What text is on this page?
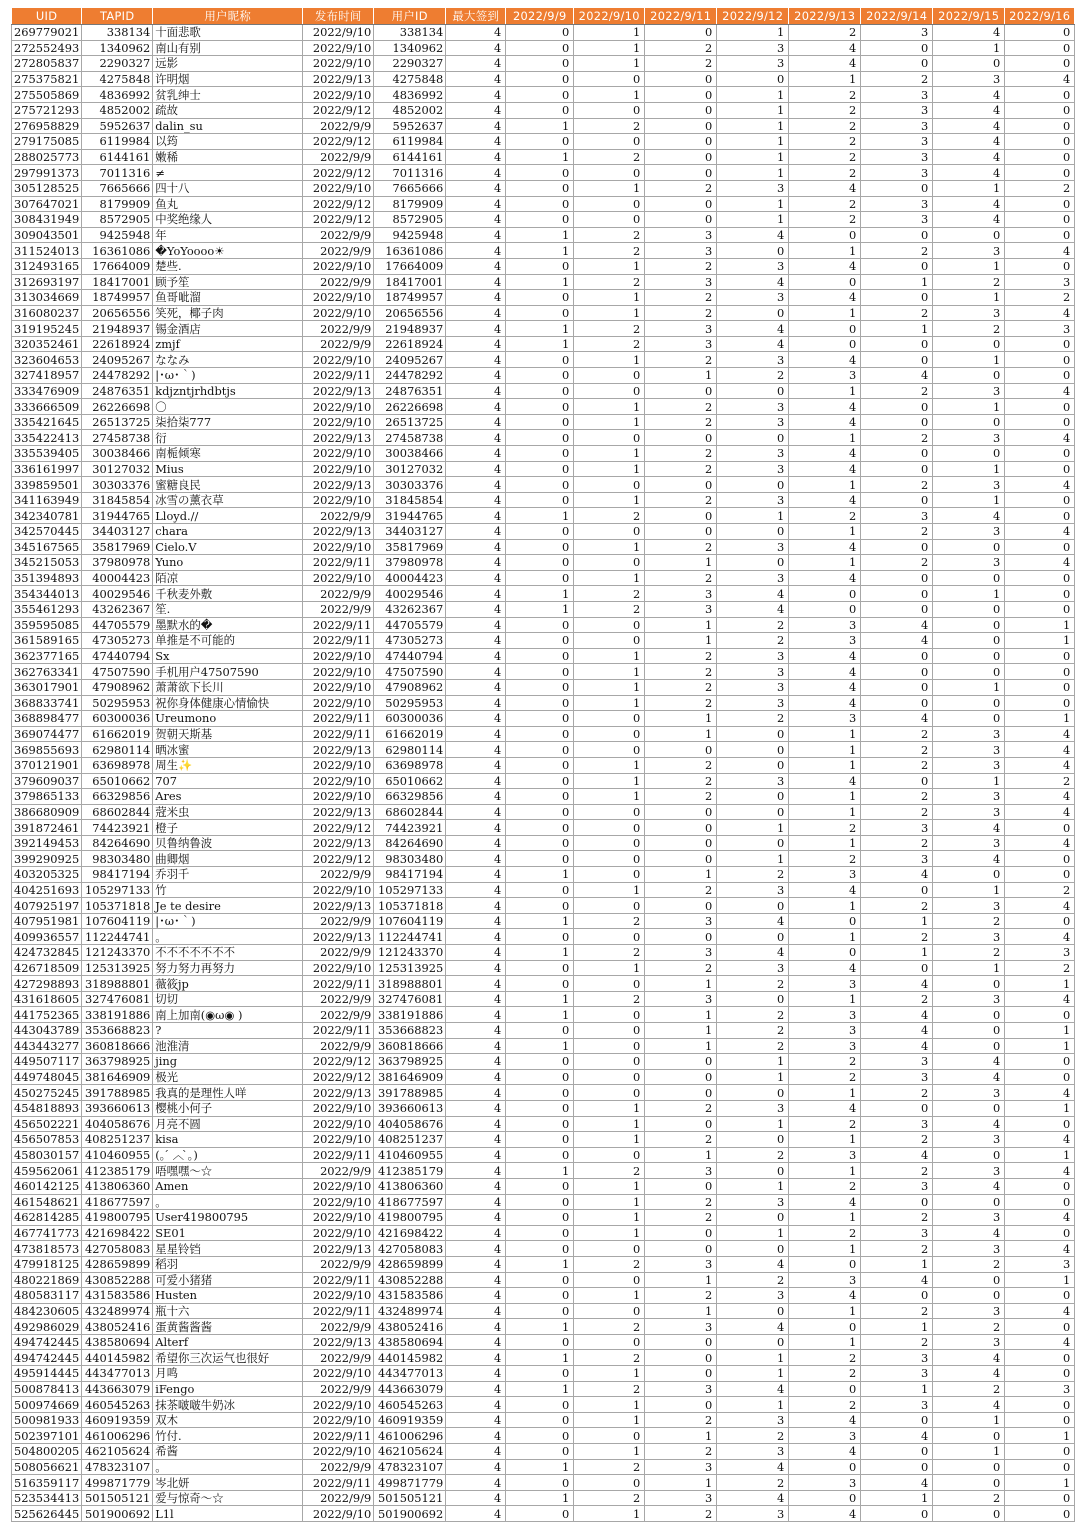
UID	TAPID	用户昵称	发布时间	用户ID	最大签到	2022/9/9	2022/9/10	2022/9/11	2022/9/12	2022/9/13	2022/9/14	2022/9/15	2022/9/16
269779021	338134	十面悲歌	2022/9/10	338134	4	0	1	0	1	2	3	4	0
272552493	1340962	南山有别	2022/9/10	1340962	4	0	1	2	3	4	0	1	0
272805837	2290327	远影	2022/9/10	2290327	4	0	1	2	3	4	0	0	0
275375821	4275848	许明烟	2022/9/13	4275848	4	0	0	0	0	1	2	3	4
275505869	4836992	贫乳绅士	2022/9/10	4836992	4	0	1	0	1	2	3	4	0
275721293	4852002	疏故	2022/9/12	4852002	4	0	0	0	1	2	3	4	0
276958829	5952637	dalin_su	2022/9/9	5952637	4	1	2	0	1	2	3	4	0
279175085	6119984	以筠	2022/9/12	6119984	4	0	0	0	1	2	3	4	0
288025773	6144161	嫩稀	2022/9/9	6144161	4	1	2	0	1	2	3	4	0
297991373	7011316	≠	2022/9/12	7011316	4	0	0	0	1	2	3	4	0
305128525	7665666	四十八	2022/9/10	7665666	4	0	1	2	3	4	0	1	2
307647021	8179909	鱼丸	2022/9/12	8179909	4	0	0	0	1	2	3	4	0
308431949	8572905	中奖绝缘人	2022/9/12	8572905	4	0	0	0	1	2	3	4	0
309043501	9425948	年	2022/9/9	9425948	4	1	2	3	4	0	0	0	0
311524013	16361086	�YoYoooo☀	2022/9/9	16361086	4	1	2	3	0	1	2	3	4
312493165	17664009	楚些.	2022/9/10	17664009	4	0	1	2	3	4	0	1	0
312693197	18417001	顾予笙	2022/9/9	18417001	4	1	2	3	4	0	1	2	3
313034669	18749957	鱼哥呲溜	2022/9/10	18749957	4	0	1	2	3	4	0	1	2
316080237	20656556	笑死，椰子肉	2022/9/10	20656556	4	0	1	2	0	1	2	3	4
319195245	21948937	锡金酒店	2022/9/9	21948937	4	1	2	3	4	0	1	2	3
320352461	22618924	zmjf	2022/9/9	22618924	4	1	2	3	4	0	0	0	0
323604653	24095267	ななみ	2022/9/10	24095267	4	0	1	2	3	4	0	1	0
327418957	24478292	|･ω･｀)	2022/9/11	24478292	4	0	0	1	2	3	4	0	0
333476909	24876351	kdjzntjrhdbtjs	2022/9/13	24876351	4	0	0	0	0	1	2	3	4
333666509	26226698	〇	2022/9/10	26226698	4	0	1	2	3	4	0	1	0
335421645	26513725	柒拾柒777	2022/9/10	26513725	4	0	1	2	3	4	0	0	0
335422413	27458738	衍	2022/9/13	27458738	4	0	0	0	0	1	2	3	4
335539405	30038466	南栀倾寒	2022/9/10	30038466	4	0	1	2	3	4	0	0	0
336161997	30127032	Mius	2022/9/10	30127032	4	0	1	2	3	4	0	1	0
339859501	30303376	蜜糖良民	2022/9/13	30303376	4	0	0	0	0	1	2	3	4
341163949	31845854	冰雪の薰衣草	2022/9/10	31845854	4	0	1	2	3	4	0	1	0
342340781	31944765	Lloyd.//	2022/9/9	31944765	4	1	2	0	1	2	3	4	0
342570445	34403127	chara	2022/9/13	34403127	4	0	0	0	0	1	2	3	4
345167565	35817969	Cielo.V	2022/9/10	35817969	4	0	1	2	3	4	0	0	0
345215053	37980978	Yuno	2022/9/11	37980978	4	0	0	1	0	1	2	3	4
351394893	40004423	陌凉	2022/9/10	40004423	4	0	1	2	3	4	0	0	0
354344013	40029546	千秋麦外敷	2022/9/9	40029546	4	1	2	3	4	0	0	1	0
355461293	43262367	笙.	2022/9/9	43262367	4	1	2	3	4	0	0	0	0
359595085	44705579	墨默水的�	2022/9/11	44705579	4	0	0	1	2	3	4	0	1
361589165	47305273	单推是不可能的	2022/9/11	47305273	4	0	0	1	2	3	4	0	1
362377165	47440794	Sx	2022/9/10	47440794	4	0	1	2	3	4	0	0	0
362763341	47507590	手机用户47507590	2022/9/10	47507590	4	0	1	2	3	4	0	0	0
363017901	47908962	萧萧欲下长川	2022/9/10	47908962	4	0	1	2	3	4	0	1	0
368833741	50295953	祝你身体健康心情愉快	2022/9/10	50295953	4	0	1	2	3	4	0	0	0
368898477	60300036	Ureumono	2022/9/11	60300036	4	0	0	1	2	3	4	0	1
369074477	61662019	贺朝天斯基	2022/9/11	61662019	4	0	0	1	0	1	2	3	4
369855693	62980114	晒冰蜜	2022/9/13	62980114	4	0	0	0	0	1	2	3	4
370121901	63698978	周生✨	2022/9/10	63698978	4	0	1	2	0	1	2	3	4
379609037	65010662	707	2022/9/10	65010662	4	0	1	2	3	4	0	1	2
379865133	66329856	Ares	2022/9/10	66329856	4	0	1	2	0	1	2	3	4
386680909	68602844	蒄米虫	2022/9/13	68602844	4	0	0	0	0	1	2	3	4
391872461	74423921	橙子	2022/9/12	74423921	4	0	0	0	1	2	3	4	0
392149453	84264690	贝鲁纳鲁波	2022/9/13	84264690	4	0	0	0	0	1	2	3	4
399290925	98303480	曲卿烟	2022/9/12	98303480	4	0	0	0	1	2	3	4	0
403205325	98417194	乔羽千	2022/9/9	98417194	4	1	0	1	2	3	4	0	0
404251693	105297133	竹	2022/9/10	105297133	4	0	1	2	3	4	0	1	2
407925197	105371818	Je te desire	2022/9/13	105371818	4	0	0	0	0	1	2	3	4
407951981	107604119	|･ω･｀)	2022/9/9	107604119	4	1	2	3	4	0	1	2	0
409936557	112244741	。	2022/9/13	112244741	4	0	0	0	0	1	2	3	4
424732845	121243370	不不不不不不不	2022/9/9	121243370	4	1	2	3	4	0	1	2	3
426718509	125313925	努力努力再努力	2022/9/10	125313925	4	0	1	2	3	4	0	1	2
427298893	318988801	薇筱jp	2022/9/11	318988801	4	0	0	1	2	3	4	0	1
431618605	327476081	切切	2022/9/9	327476081	4	1	2	3	0	1	2	3	4
441752365	338191886	南上加南(◉ω◉ )	2022/9/9	338191886	4	1	0	1	2	3	4	0	0
443043789	353668823	?	2022/9/11	353668823	4	0	0	1	2	3	4	0	1
443443277	360818666	池淮清	2022/9/9	360818666	4	1	0	1	2	3	4	0	1
449507117	363798925	jing	2022/9/12	363798925	4	0	0	0	1	2	3	4	0
449748045	381646909	极光	2022/9/12	381646909	4	0	0	0	1	2	3	4	0
450275245	391788985	我真的是理性人咩	2022/9/13	391788985	4	0	0	0	0	1	2	3	4
454818893	393660613	樱桃小何子	2022/9/10	393660613	4	0	1	2	3	4	0	0	1
456502221	404058676	月亮不圆	2022/9/10	404058676	4	0	1	0	1	2	3	4	0
456507853	408251237	kisa	2022/9/10	408251237	4	0	1	2	0	1	2	3	4
458030157	410460955	(｡ ́ ︿ ̀｡)	2022/9/11	410460955	4	0	0	1	2	3	4	0	1
459562061	412385179	唔嘿嘿～☆	2022/9/9	412385179	4	1	2	3	0	1	2	3	4
460142125	413806360	Amen	2022/9/10	413806360	4	0	1	0	1	2	3	4	0
461548621	418677597	。	2022/9/10	418677597	4	0	1	2	3	4	0	0	0
462814285	419800795	User419800795	2022/9/10	419800795	4	0	1	2	0	1	2	3	4
467741773	421698422	SE01	2022/9/10	421698422	4	0	1	0	1	2	3	4	0
473818573	427058083	星星铃铛	2022/9/13	427058083	4	0	0	0	0	1	2	3	4
479918125	428659899	稻羽	2022/9/9	428659899	4	1	2	3	4	0	1	2	3
480221869	430852288	可爱小猪猪	2022/9/11	430852288	4	0	0	1	2	3	4	0	1
480583117	431583586	Husten	2022/9/10	431583586	4	0	1	2	3	4	0	0	0
484230605	432489974	瓶十六	2022/9/11	432489974	4	0	0	1	0	1	2	3	4
492986029	438052416	蛋黄酱酱酱	2022/9/9	438052416	4	1	2	3	4	0	1	2	0
494742445	438580694	Alterf	2022/9/13	438580694	4	0	0	0	0	1	2	3	4
494742445	440145982	希望你三次运气也很好	2022/9/9	440145982	4	1	2	0	1	2	3	4	0
495914445	443477013	月鸣	2022/9/10	443477013	4	0	1	0	1	2	3	4	0
500878413	443663079	iFengo	2022/9/9	443663079	4	1	2	3	4	0	1	2	3
500974669	460545263	抹茶啵啵牛奶冰	2022/9/10	460545263	4	0	1	0	1	2	3	4	0
500981933	460919359	双木	2022/9/10	460919359	4	0	1	2	3	4	0	1	0
502397101	461006296	竹付.	2022/9/11	461006296	4	0	0	1	2	3	4	0	1
504800205	462105624	希酱	2022/9/10	462105624	4	0	1	2	3	4	0	1	0
508056621	478323107	。	2022/9/9	478323107	4	1	2	3	4	0	0	0	0
516359117	499871779	岑北妍	2022/9/11	499871779	4	0	0	1	2	3	4	0	1
523534413	501505121	爱与惊奇～☆	2022/9/9	501505121	4	1	2	3	4	0	1	2	0
525626445	501900692	L1l	2022/9/10	501900692	4	0	1	2	3	4	0	0	0
